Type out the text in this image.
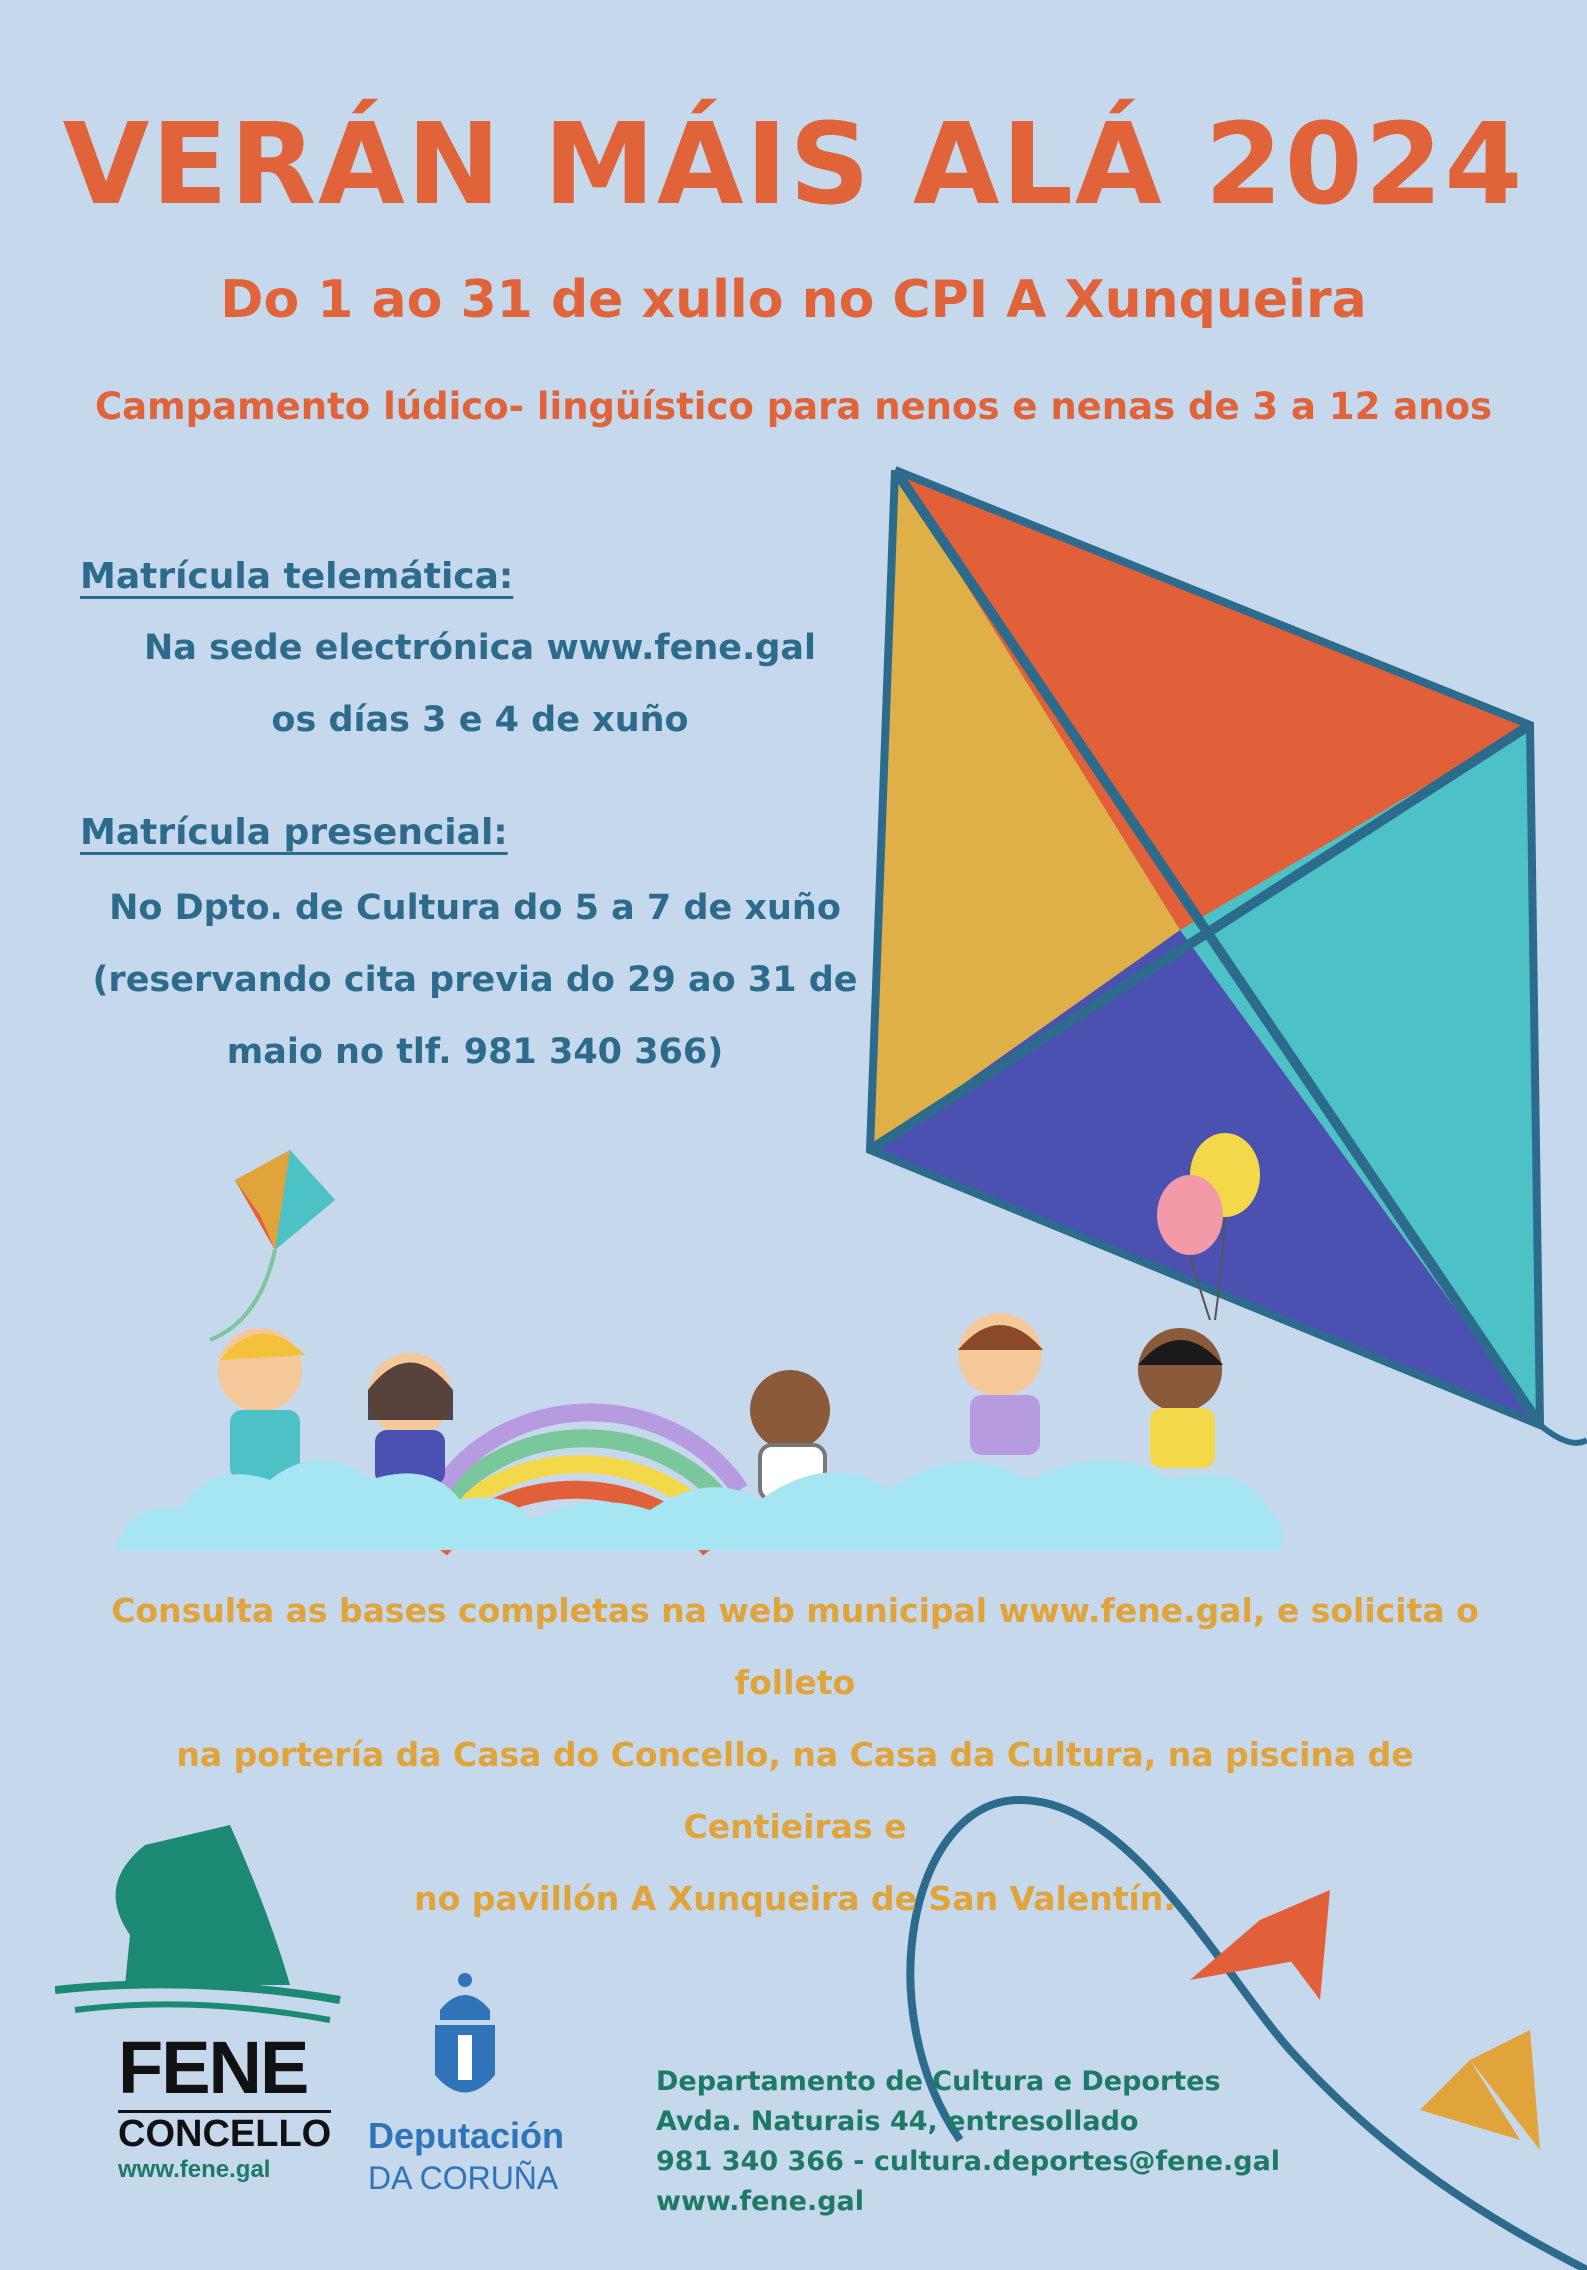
VERÁN MÁIS ALÁ 2024
Do 1 ao 31 de xullo no CPI A Xunqueira
Campamento lúdico- lingüístico para nenos e nenas de 3 a 12 anos
Matrícula telemática:
Na sede electrónica www.fene.gal
os días 3 e 4 de xuño
Matrícula presencial:
No Dpto. de Cultura do 5 a 7 de xuño
(reservando cita previa do 29 ao 31 de
maio no tlf. 981 340 366)
Consulta as bases completas na web municipal www.fene.gal, e solicita o folleto
na portería da Casa do Concello, na Casa da Cultura, na piscina de Centieiras e
no pavillón A Xunqueira de San Valentín.
FENE
CONCELLO
www.fene.gal
Deputación
DA CORUÑA
Departamento de Cultura e Deportes
Avda. Naturais 44, entresollado
981 340 366 - cultura.deportes@fene.gal
www.fene.gal
